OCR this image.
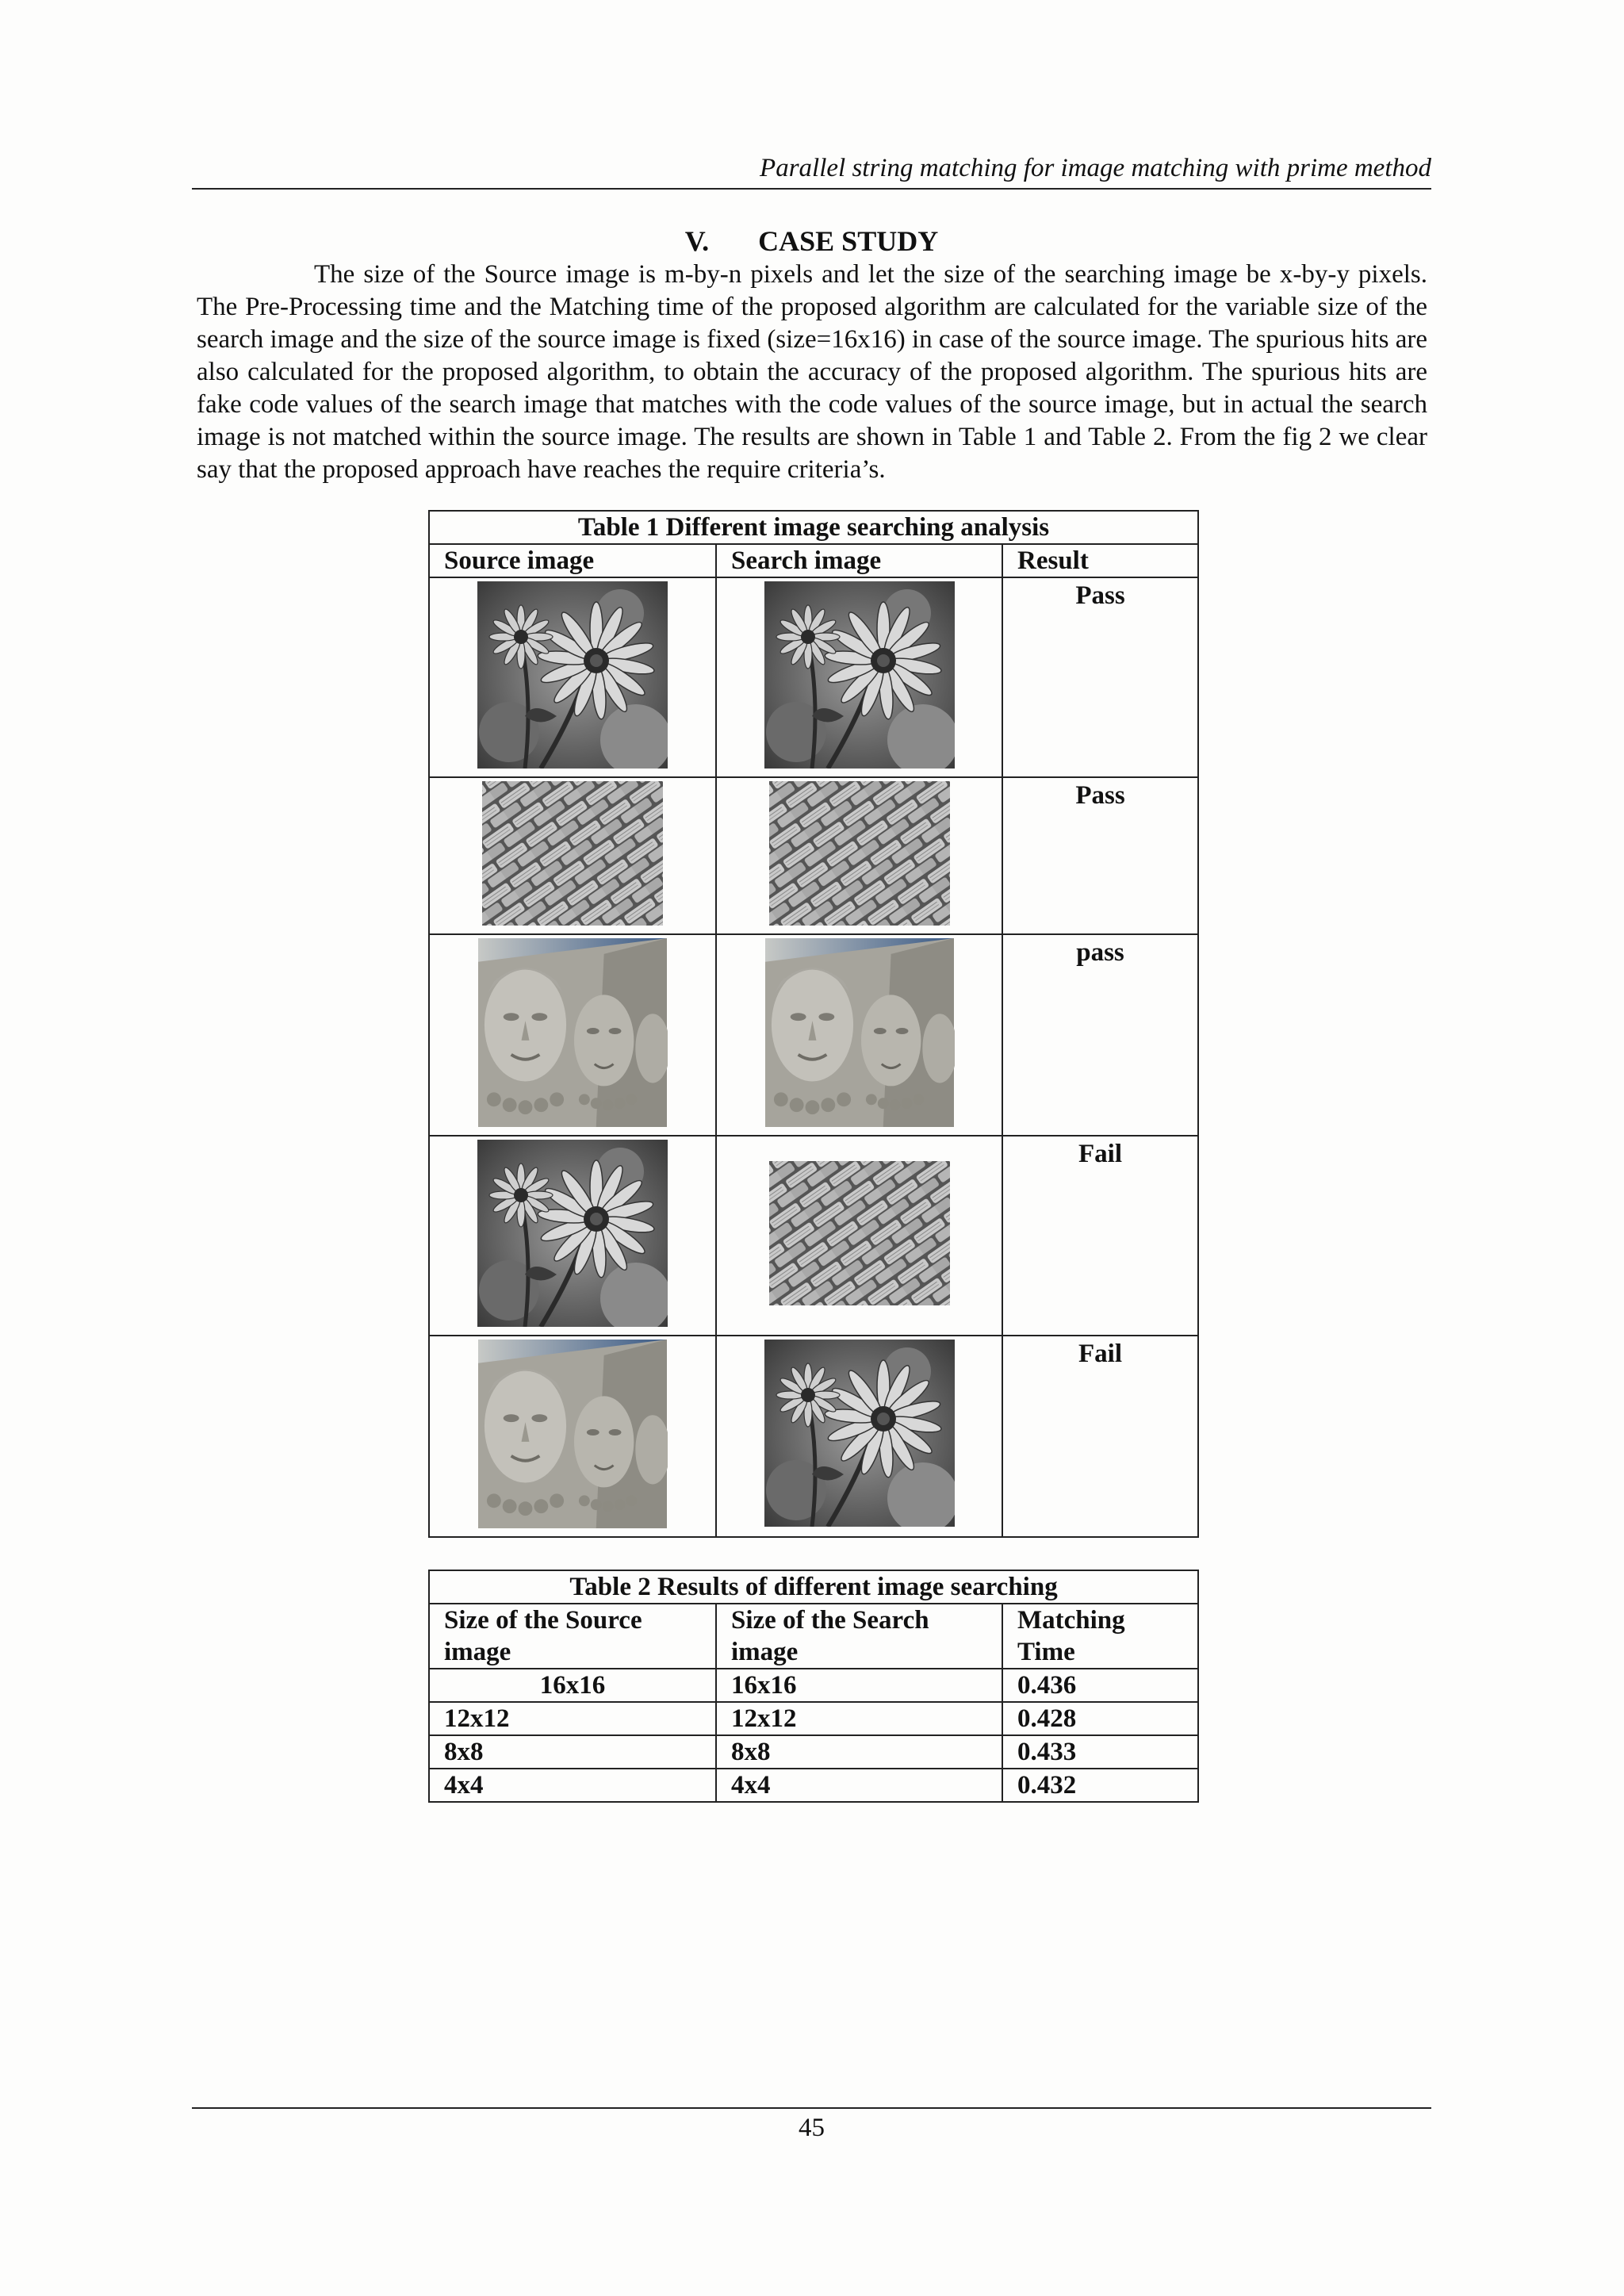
Parallel string matching for image matching with prime method
V. CASE STUDY

The size of the Source image is m-by-n pixels and let the size of the searching image be x-by-y pixels. The Pre-Processing time and the Matching time of the proposed algorithm are calculated for the variable size of the search image and the size of the source image is fixed (size=16x16) in case of the source image. The spurious hits are also calculated for the proposed algorithm, to obtain the accuracy of the proposed algorithm. The spurious hits are fake code values of the search image that matches with the code values of the source image, but in actual the search image is not matched within the source image. The results are shown in Table 1 and Table 2. From the fig 2 we clear say that the proposed approach have reaches the require criteria’s.

Table 1 Different image searching analysis		
Source image	Search image	Result
		Pass
		Pass
		pass
		Fail
		Fail
Table 2 Results of different image searching		
Size of the Source image	Size of the Search image	Matching Time
16x16	16x16	0.436
12x12	12x12	0.428
8x8	8x8	0.433
4x4	4x4	0.432
45
